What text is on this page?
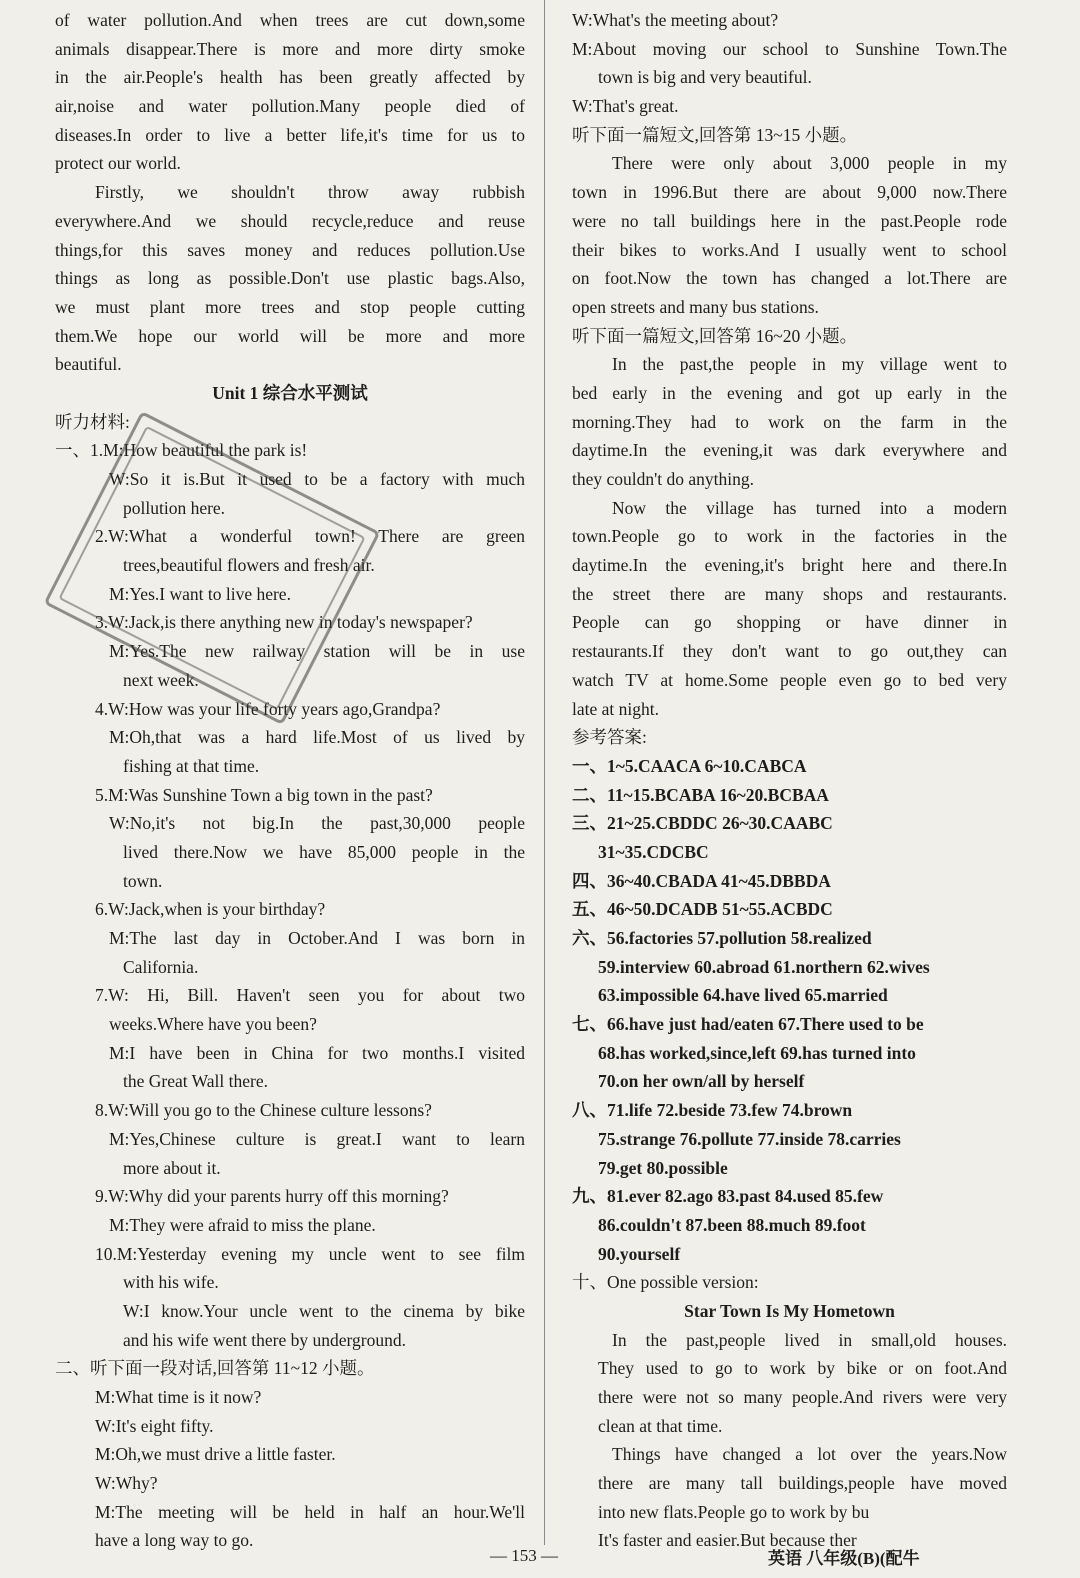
of water pollution.And when trees are cut down,some
animals disappear.There is more and more dirty smoke
in the air.People's health has been greatly affected by
air,noise and water pollution.Many people died of
diseases.In order to live a better life,it's time for us to
protect our world.
Firstly, we shouldn't throw away rubbish
everywhere.And we should recycle,reduce and reuse
things,for this saves money and reduces pollution.Use
things as long as possible.Don't use plastic bags.Also,
we must plant more trees and stop people cutting
them.We hope our world will be more and more
beautiful.
Unit 1 综合水平测试
听力材料:
一、1.M:How beautiful the park is!
W:So it is.But it used to be a factory with much
pollution here.
2.W:What a wonderful town! There are green
trees,beautiful flowers and fresh air.
M:Yes.I want to live here.
3.W:Jack,is there anything new in today's newspaper?
M:Yes.The new railway station will be in use
next week.
4.W:How was your life forty years ago,Grandpa?
M:Oh,that was a hard life.Most of us lived by
fishing at that time.
5.M:Was Sunshine Town a big town in the past?
W:No,it's not big.In the past,30,000 people
lived there.Now we have 85,000 people in the
town.
6.W:Jack,when is your birthday?
M:The last day in October.And I was born in
California.
7.W: Hi, Bill. Haven't seen you for about two
weeks.Where have you been?
M:I have been in China for two months.I visited
the Great Wall there.
8.W:Will you go to the Chinese culture lessons?
M:Yes,Chinese culture is great.I want to learn
more about it.
9.W:Why did your parents hurry off this morning?
M:They were afraid to miss the plane.
10.M:Yesterday evening my uncle went to see film
with his wife.
W:I know.Your uncle went to the cinema by bike
and his wife went there by underground.
二、听下面一段对话,回答第 11~12 小题。
M:What time is it now?
W:It's eight fifty.
M:Oh,we must drive a little faster.
W:Why?
M:The meeting will be held in half an hour.We'll
have a long way to go.
W:What's the meeting about?
M:About moving our school to Sunshine Town.The
town is big and very beautiful.
W:That's great.
听下面一篇短文,回答第 13~15 小题。
There were only about 3,000 people in my
town in 1996.But there are about 9,000 now.There
were no tall buildings here in the past.People rode
their bikes to works.And I usually went to school
on foot.Now the town has changed a lot.There are
open streets and many bus stations.
听下面一篇短文,回答第 16~20 小题。
In the past,the people in my village went to
bed early in the evening and got up early in the
morning.They had to work on the farm in the
daytime.In the evening,it was dark everywhere and
they couldn't do anything.
Now the village has turned into a modern
town.People go to work in the factories in the
daytime.In the evening,it's bright here and there.In
the street there are many shops and restaurants.
People can go shopping or have dinner in
restaurants.If they don't want to go out,they can
watch TV at home.Some people even go to bed very
late at night.
参考答案:
一、1~5.CAACA 6~10.CABCA
二、11~15.BCABA 16~20.BCBAA
三、21~25.CBDDC 26~30.CAABC
31~35.CDCBC
四、36~40.CBADA 41~45.DBBDA
五、46~50.DCADB 51~55.ACBDC
六、56.factories 57.pollution 58.realized
59.interview 60.abroad 61.northern 62.wives
63.impossible 64.have lived 65.married
七、66.have just had/eaten 67.There used to be
68.has worked,since,left 69.has turned into
70.on her own/all by herself
八、71.life 72.beside 73.few 74.brown
75.strange 76.pollute 77.inside 78.carries
79.get 80.possible
九、81.ever 82.ago 83.past 84.used 85.few
86.couldn't 87.been 88.much 89.foot
90.yourself
十、One possible version:
Star Town Is My Hometown
In the past,people lived in small,old houses.
They used to go to work by bike or on foot.And
there were not so many people.And rivers were very
clean at that time.
Things have changed a lot over the years.Now
there are many tall buildings,people have moved
into new flats.People go to work by bu
It's faster and easier.But because ther
— 153 —	英语 八年级(B)(配牛
